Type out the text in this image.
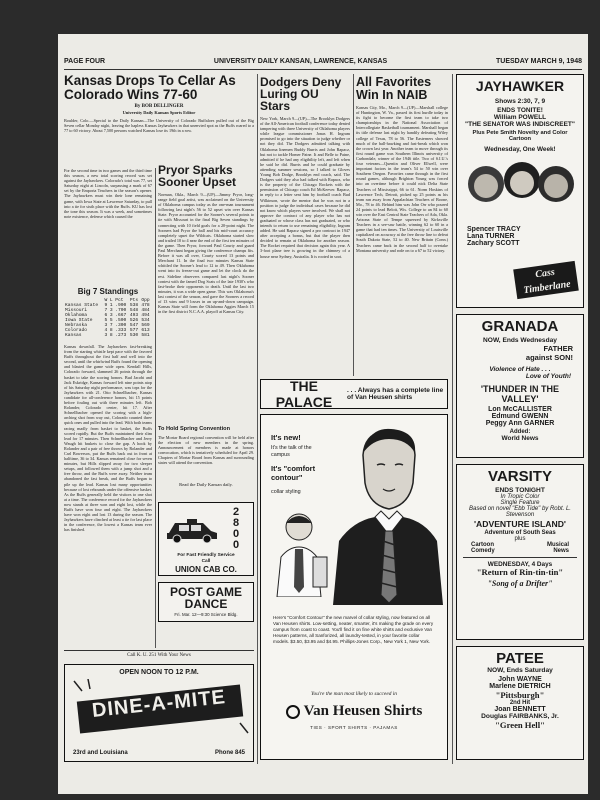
PAGE FOUR	UNIVERSITY DAILY KANSAN, LAWRENCE, KANSAS	TUESDAY MARCH 9, 1948
Kansas Drops To Cellar As Colorado Wins 77-60
By BOB DELLINGER
University Daily Kansan Sports Editor
Boulder, Colo.—Special to the Daily Kansan—The University of Colorado Buffaloes pulled out of the Big Seven cellar Monday night, leaving the hapless Kansas Jayhawkers in that unenvied spot as the Buffs roared to a 77 to 60 victory. About 7,500 persons watched Kansas lose its 19th in a row.

For the second time in two games and the third time this season, a new total scoring record was set against the Jayhawkers. Colorado's total was 77, set Saturday night at Lincoln, surpassing a mark of 67 set by the Emporia Teachers in the season's opener. The Jayhawkers must win their lone remaining game, with Iowa State at Lawrence Saturday, to pull into a tie for sixth place with the Buffs. KU has lost the tone this season. It was a week, and sometimes note existence, defense which caused the

Big 7 Standings
	W	L	Pct	Pts	Opp
Kansas State	9	1	.900	538	478
Missouri	7	3	.700	548	484
Oklahoma	6	3	.667	493	494
Iowa State	5	5	.500	526	534
Nebraska	3	7	.300	547	569
Colorado	4	8	.333	577	613
Kansas	3	8	.273	530	581

Kansas downfall. The Jayhawkers fast-breaking from the starting whistle kept pace with the favored Buffs throughout the first half and well into the second, until the whirlwind Buffs found the opening and blasted the game wide open. Kendall Hills, Colorado forward, slammed 26 points through the basket to take the scoring honors. Bud Jacobi and Jack Eskridge, Kansas forward left nine points atop of his Saturday night performance, was tops for the Jayhawkers with 21. Otto Schnellbacher, Kansas candidate for all-conference honors, hit 15 points before fouling out with three minutes left. Bob Rolander, Colorado center, hit 17. After Schnellbacher opened the scoring with a high-arching shot from way out, Colorado counted three quick ones and pulled into the lead. With both teams racing madly from basket to basket, the Buffs scored rapidly. But the Buffs maintained their slim lead for 17 minutes. Then Schnellbacher and Jerry Waugh hit baskets to close the gap. A hook by Rolander and a pair of free throws by Rolander and Carl Bowersox, put the Buffs back out in front at halftime, 36 to 34. Kansas remained close for seven minutes, but Hills slipped away for two sleeper setups, and followed them with a jump shot and a free throw, and the Buffs were away. Neither team abandoned the fast break, and the Buffs began to pile up the lead. Kansas lost many opportunities because of lost rebounds under the offensive basket. As the Buffs generally held the visitors to one shot at a time. The conference record for the Jayhawkers now stands at three won and eight lost, while the Buffs have won four and eight. The Jayhawkers have won eight and lost 13 during the season. The Jayhawkers have clinched at least a tie for last place in the conference, the lowest a Kansas team ever has finished.

Pryor Sparks Sooner Upset
Norman, Okla., March 9—(UP)—Jimmy Pryor, long-range field goal artist, was acclaimed on the University of Oklahoma campus today as the one-man tournament following last night's 56 to 52 upset win over Kansas State. Pryor accounted for the Sooner's several points to tie with Missouri in the final Big Seven standings by connecting with 10 field goals for a 20-point night. The Sooners had Pryor the ball and his mid-court accuracy completely upset the Wildcats. Oklahoma started slow and trailed 10 to 4 near the end of the first ten minutes of the game. Then Pryor, forward Paul Courty and guard Paul Merchant began giving the conference champs fits. Before it was all over, Courty scored 13 points and Merchant 11. In the final two minutes Kansas State whittled the Sooner's lead to 12 to 49. Then Oklahoma went into its freeze-out game and let the clock do the rest. Sideline observers compared last night's Sooner contest with the famed Dog Scats of the late 1930's who fast-broke their opponents to death. Until the last two minutes, it was a wide open game. This was Oklahoma's last contest of the season, and gave the Sooners a record of 13 wins and 9 losses in an up-and-down campaign. Kansas State will form the Oklahoma Aggies March 15 in the first district N.C.A.A. playoff at Kansas City.
To Hold Spring Convention
The Mortar Board regional convention will be held after the election of new members in the spring. Announcement of members is made at honors convocation, which is tentatively scheduled for April 29. Chapters of Mortar Board from Kansas and surrounding states will attend the convention.
Read the Daily Kansan daily.
2
8
0
0
For Fast Friendly Service
Call
UNION CAB CO.
POST GAME DANCE
Fri. Mar. 12—9:30 Science Bldg.
Call K. U. 251 With Your News
OPEN NOON TO 12 P.M.
DINE-A-MITE
23rd and Louisiana	Phone 845
Dodgers Deny Luring OU Stars
New York, March 9—(UP)—The Brooklyn Dodgers of the All-American football conference today denied tampering with three University of Oklahoma players while league commissioner Jonas H. Ingram promised to go into the situation to judge whether or not they did. The Dodgers admitted talking with Oklahoma linemen Buddy Burris and John Rapacz, but not to tackle Homer Paine. It and Belle to Paine, admitted if he had any eligibility left, and left when he said he did. Burris and he could graduate by attending summer sessions, so I talked to Gloves Young Bob Dodge, Brooklyn end coach, said. The Dodgers said they also had talked with Rapacz, who is the property of the Chicago Rockets with the permission of Chicago coach Ed McKeever. Rapacz, in reply to a letter sent him by football coach Bud Wilkinson, wrote the mentor that he was not in a position to judge the individual cases because he did not know which players were involved. We shall not approve the contract of any player who has not graduated or whose class has not graduated, or who intends to return to use remaining eligibility, Ingram added. He said Rapacz signed a pro contract in 1947 after accepting a bonus, but that the player then decided to remain at Oklahoma for another season. The Rocket required that decision again this year. A 3-foot plane tree is growing in the chimney of a house near Sydney, Australia. It is rooted in soot.
All Favorites Win In NAIB
Kansas City, Mo., March 9—(UP)—Marshall college of Huntington, W. Va., passed its first hurdle today in its fight to become the first team to take two championships in the National Association of Intercollegiate Basketball tournament. Marshall began its title defense last night by handily defeating Wiley college of Texas, 78 to 56. The Easterners showed much of the ball-hawking and fast-break which won the crown last year. Another team to move through its first round game was Southern Illinois university of Carbondale, winner of the 1946 title. Two of S.I.U.'s four veterans—Quentin and Oliver Ellwell, were important factors in the team's 54 to 50 win over Southern Oregon. Favorites came through in the first round games, although Brighton Young was forced into an overtime before it could nick Delta State Teachers of Mississippi, 66 to 61. Norm Hoskins of Lawrence Tech, Detroit, picked up 25 points as his team ran away from Appalachian Teachers of Boone, Mo., 78 to 46. Behind him was John Orr who poured 24 points to lead Beloit, Wis. College to an 84 to 60 win over the East Central State Teachers of Ada, Okla. Arizona State of Tempe squeezed by Kirksville Teachers in a see-saw battle, winning 62 to 60 in a game that had ten times. The University of Louisville capitalized on accuracy at the free throw line to defeat South Dakota State, 52 to 40. New Britain (Conn.) Teachers came back in the second half to overtake Montana university and rode on to a 67 to 52 victory.
THE PALACE
. . . Always has a complete line of Van Heusen shirts
It's new!
It's the talk of the campus
It's "comfort contour"
collar styling
Here's "Comfort Contour" the new marvel of collar styling, now featured on all Van Heusen shirts. Low-setting, neater, smarter, it's making the grade on every campus from coast to coast. You'll find it on fine white shirts and exclusive Van Heusen patterns, all Sanforized, all laundry-tested, in your favorite collar models. $3.50, $3.95 and $4.95. Phillips-Jones Corp., New York 1, New York.
You're the man most likely to succeed in
Van Heusen Shirts
TIES · SPORT SHIRTS · PAJAMAS
JAYHAWKER
Shows 2:30, 7, 9
ENDS TONITE!
William POWELL
"THE SENATOR WAS INDISCREET"
Plus Pete Smith Novelty and Color Cartoon
Wednesday, One Week!
Spencer TRACY
Lana TURNER
Zachary SCOTT
Cass Timberlane
GRANADA
NOW, Ends Wednesday
FATHER against SON!
Violence of Hate . . .
Love of Youth!
'THUNDER IN THE VALLEY'
Lon McCALLISTER
Edmund GWENN
Peggy Ann GARNER
Added:
World News
VARSITY
ENDS TONIGHT
In Tropic Color
Single Feature
Based on novel "Ebb Tide" by Robt. L. Stevenson
'ADVENTURE ISLAND'
Adventure of South Seas
plus
Cartoon	Musical
Comedy	News
WEDNESDAY, 4 Days
"Return of Rin-tin-tin"
"Song of a Drifter"
PATEE
NOW, Ends Saturday
John WAYNE
Marlene DIETRICH
"Pittsburgh"
2nd Hit
Joan BENNETT
Douglas FAIRBANKS, Jr.
"Green Hell"
